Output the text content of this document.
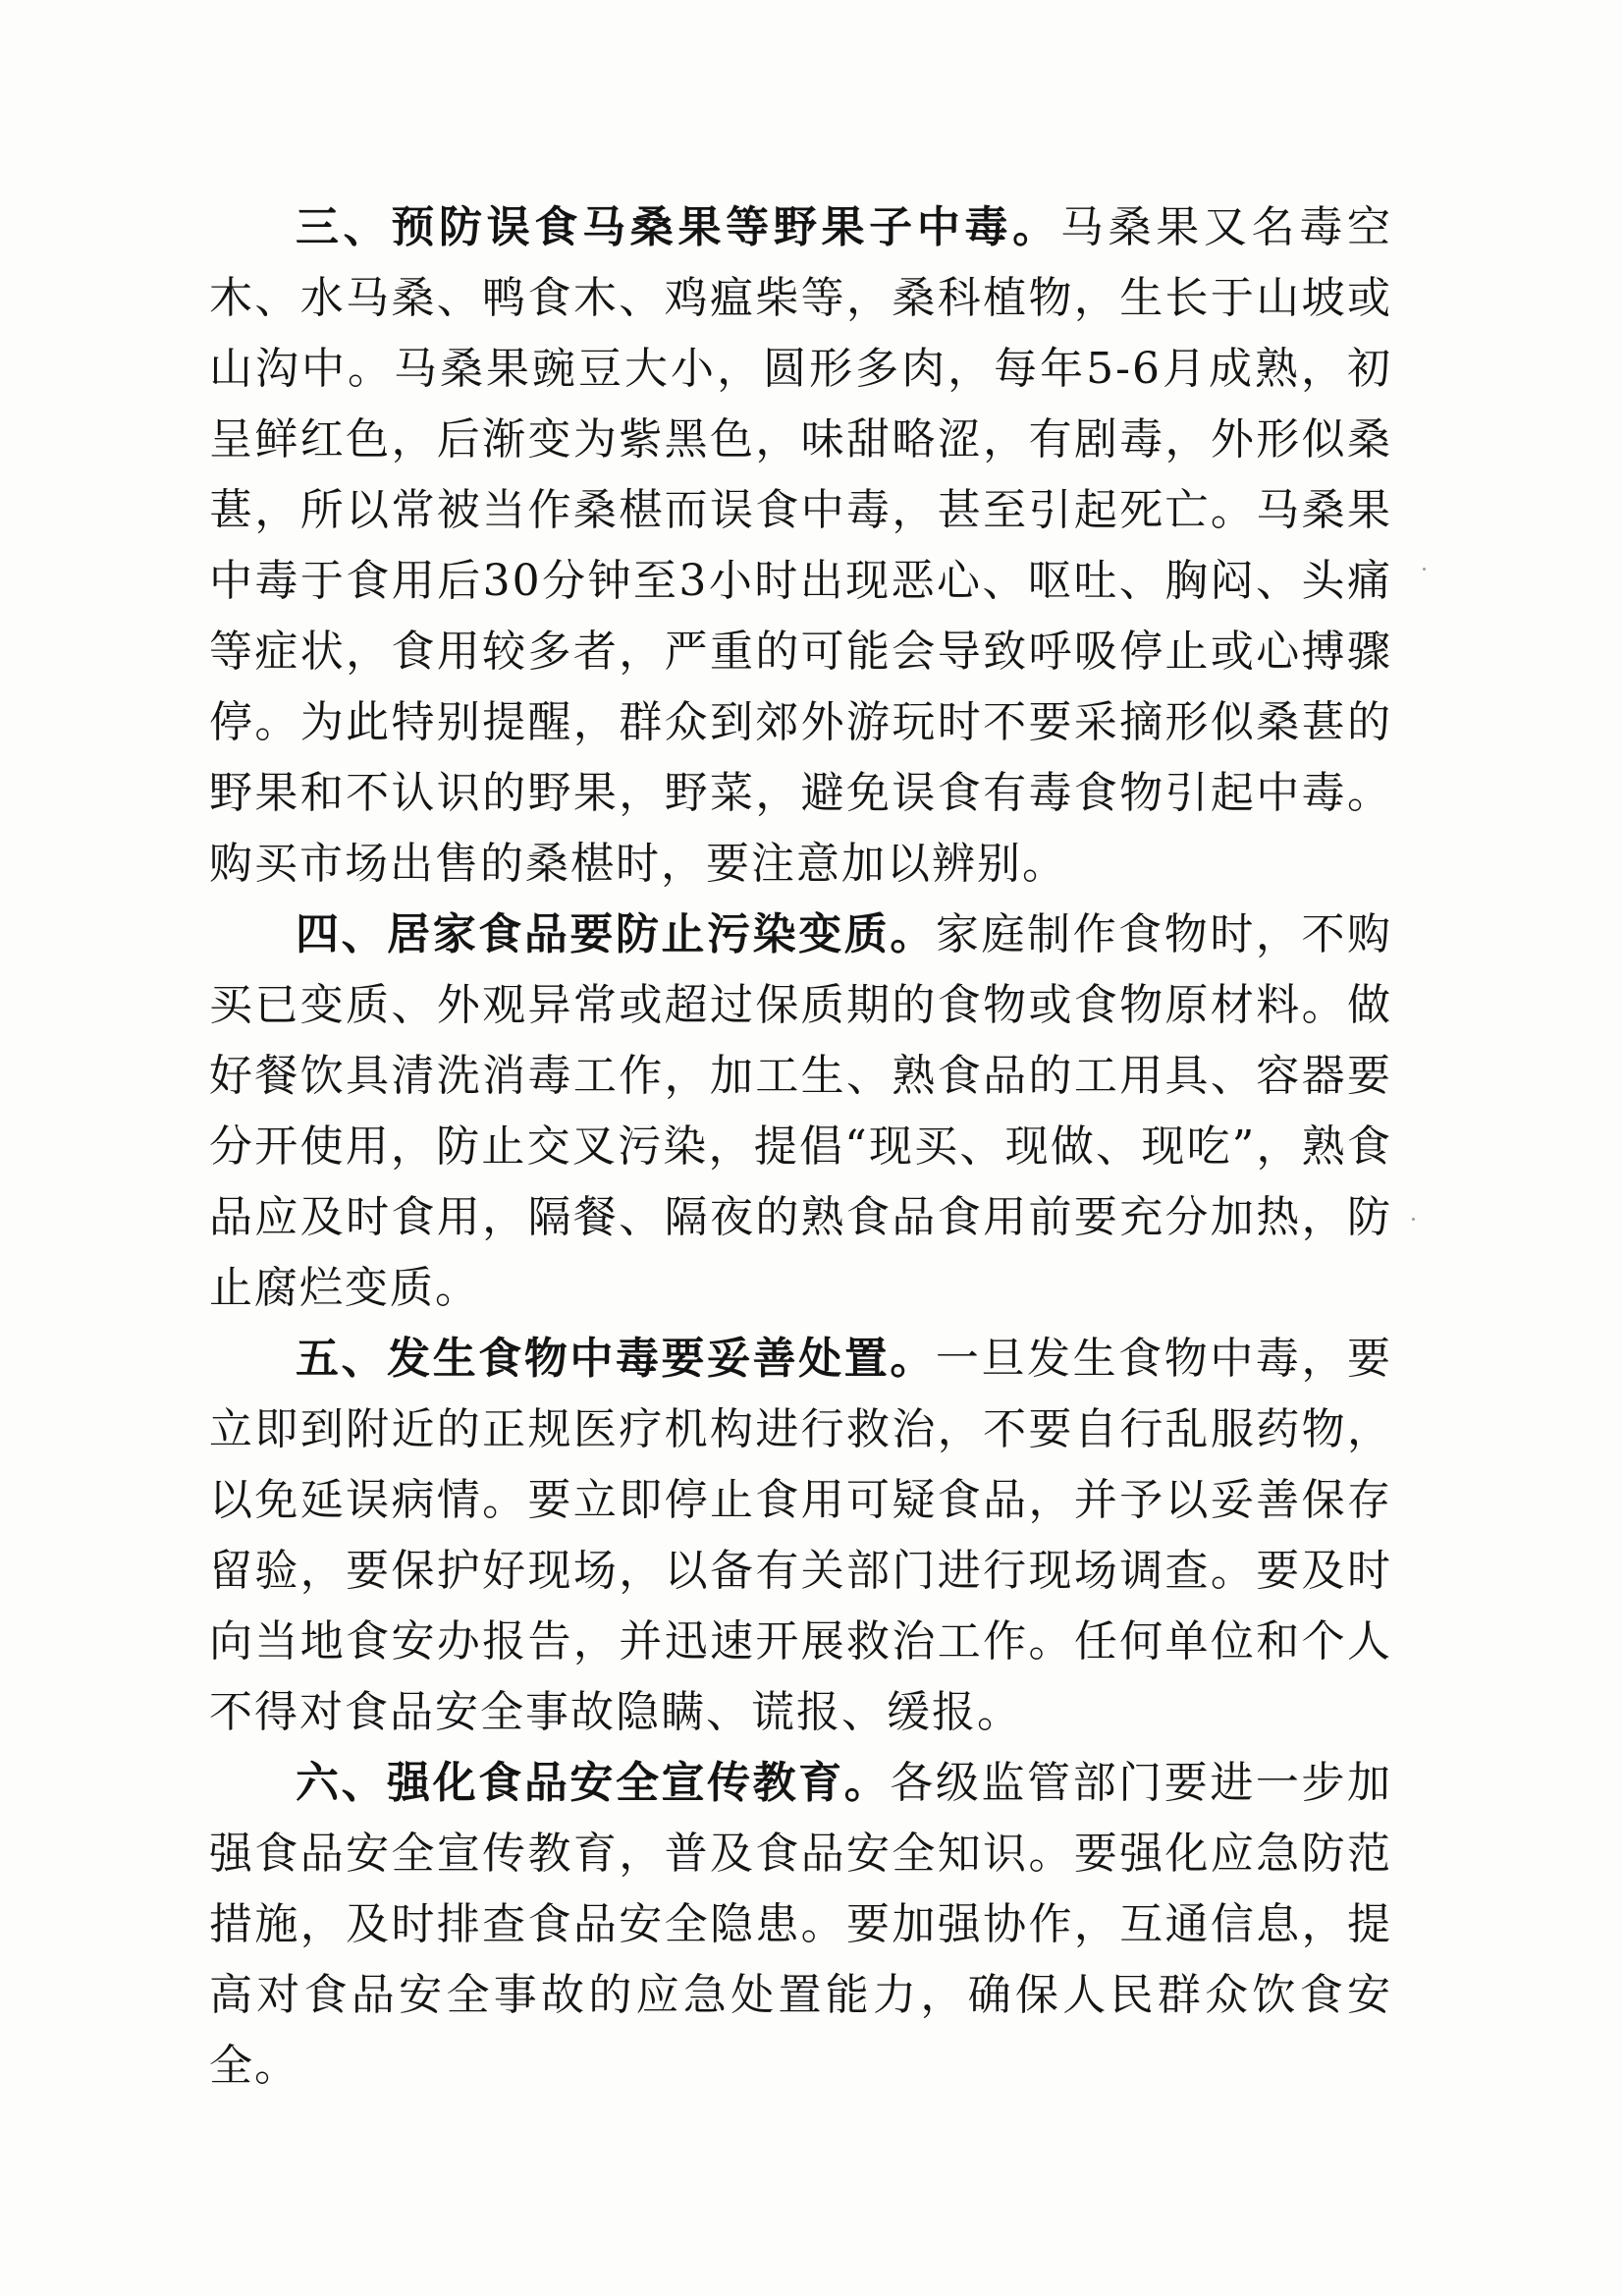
三、预防误食马桑果等野果子中毒。马桑果又名毒空木、水马桑、鸭食木、鸡瘟柴等，桑科植物，生长于山坡或山沟中。马桑果豌豆大小，圆形多肉，每年5-6月成熟，初呈鲜红色，后渐变为紫黑色，味甜略涩，有剧毒，外形似桑葚，所以常被当作桑椹而误食中毒，甚至引起死亡。马桑果中毒于食用后30分钟至3小时出现恶心、呕吐、胸闷、头痛等症状，食用较多者，严重的可能会导致呼吸停止或心搏骤停。为此特别提醒，群众到郊外游玩时不要采摘形似桑葚的野果和不认识的野果，野菜，避免误食有毒食物引起中毒。购买市场出售的桑椹时，要注意加以辨别。

四、居家食品要防止污染变质。家庭制作食物时，不购买已变质、外观异常或超过保质期的食物或食物原材料。做好餐饮具清洗消毒工作，加工生、熟食品的工用具、容器要分开使用，防止交叉污染，提倡“现买、现做、现吃”，熟食品应及时食用，隔餐、隔夜的熟食品食用前要充分加热，防止腐烂变质。

五、发生食物中毒要妥善处置。一旦发生食物中毒，要立即到附近的正规医疗机构进行救治，不要自行乱服药物，以免延误病情。要立即停止食用可疑食品，并予以妥善保存留验，要保护好现场，以备有关部门进行现场调查。要及时向当地食安办报告，并迅速开展救治工作。任何单位和个人不得对食品安全事故隐瞒、谎报、缓报。

六、强化食品安全宣传教育。各级监管部门要进一步加强食品安全宣传教育，普及食品安全知识。要强化应急防范措施，及时排查食品安全隐患。要加强协作，互通信息，提高对食品安全事故的应急处置能力，确保人民群众饮食安全。
